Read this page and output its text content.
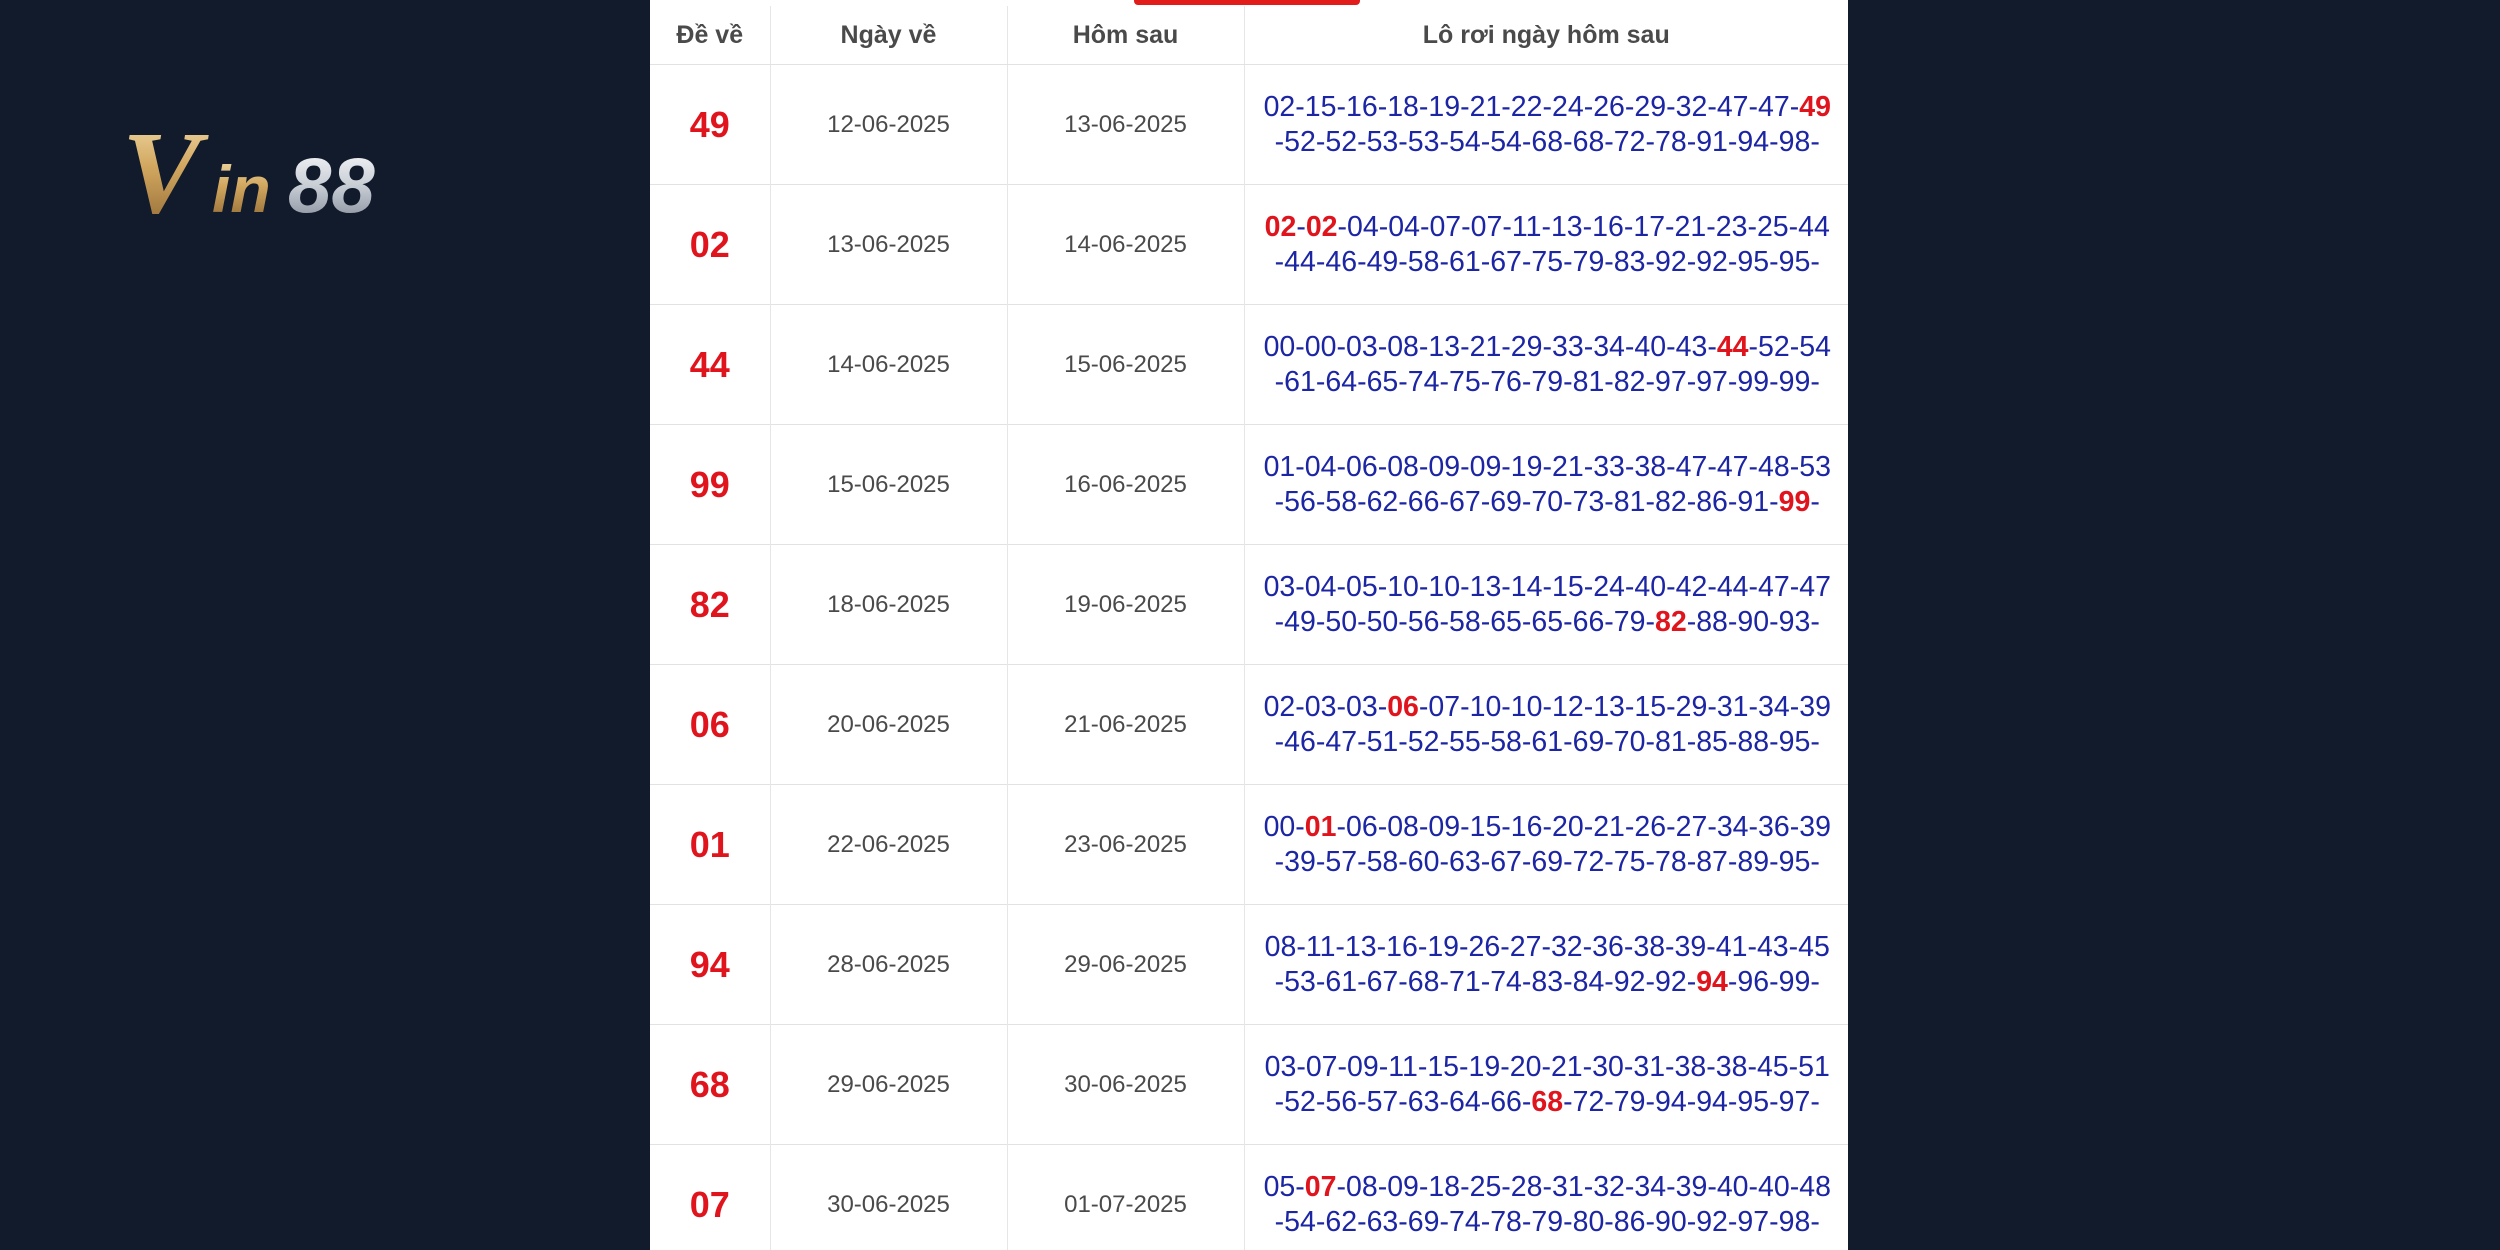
V in 88
Đề về	Ngày về	Hôm sau	Lô rơi ngày hôm sau
49	12-06-2025	13-06-2025	02-15-16-18-19-21-22-24-26-29-32-47-47-49-52-52-53-53-54-54-68-68-72-78-91-94-98-
02	13-06-2025	14-06-2025	02-02-04-04-07-07-11-13-16-17-21-23-25-44-44-46-49-58-61-67-75-79-83-92-92-95-95-
44	14-06-2025	15-06-2025	00-00-03-08-13-21-29-33-34-40-43-44-52-54-61-64-65-74-75-76-79-81-82-97-97-99-99-
99	15-06-2025	16-06-2025	01-04-06-08-09-09-19-21-33-38-47-47-48-53-56-58-62-66-67-69-70-73-81-82-86-91-99-
82	18-06-2025	19-06-2025	03-04-05-10-10-13-14-15-24-40-42-44-47-47-49-50-50-56-58-65-65-66-79-82-88-90-93-
06	20-06-2025	21-06-2025	02-03-03-06-07-10-10-12-13-15-29-31-34-39-46-47-51-52-55-58-61-69-70-81-85-88-95-
01	22-06-2025	23-06-2025	00-01-06-08-09-15-16-20-21-26-27-34-36-39-39-57-58-60-63-67-69-72-75-78-87-89-95-
94	28-06-2025	29-06-2025	08-11-13-16-19-26-27-32-36-38-39-41-43-45-53-61-67-68-71-74-83-84-92-92-94-96-99-
68	29-06-2025	30-06-2025	03-07-09-11-15-19-20-21-30-31-38-38-45-51-52-56-57-63-64-66-68-72-79-94-94-95-97-
07	30-06-2025	01-07-2025	05-07-08-09-18-25-28-31-32-34-39-40-40-48-54-62-63-69-74-78-79-80-86-90-92-97-98-
